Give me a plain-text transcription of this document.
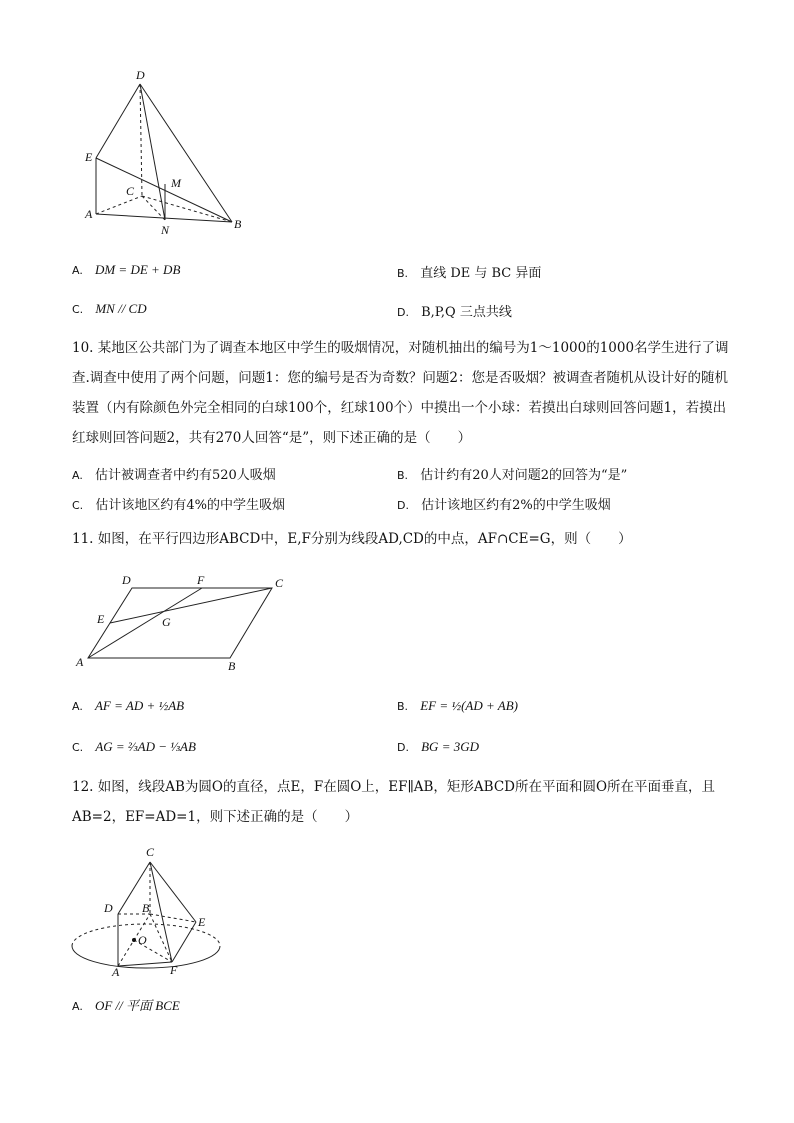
D
E
C
M
A
N	B
A. DM = DE + DB	B. 直线 DE 与 BC 异面
C. MN // CD	D. B,P,Q 三点共线
10. 某地区公共部门为了调查本地区中学生的吸烟情况，对随机抽出的编号为1～1000的1000名学生进行了调查.调查中使用了两个问题，问题1：您的编号是否为奇数？问题2：您是否吸烟？被调查者随机从设计好的随机装置（内有除颜色外完全相同的白球100个，红球100个）中摸出一个小球：若摸出白球则回答问题1，若摸出红球则回答问题2，共有270人回答“是”，则下述正确的是（　　）
A. 估计被调查者中约有520人吸烟	B. 估计约有20人对问题2的回答为“是”
C. 估计该地区约有4%的中学生吸烟	D. 估计该地区约有2%的中学生吸烟
11. 如图，在平行四边形ABCD中，E,F分别为线段AD,CD的中点，AF∩CE=G，则（　　）
D	F	C
E	G
A	B
A. AF = AD + ½AB	B. EF = ½(AD + AB)
C. AG = ⅔AD − ⅓AB	D. BG = 3GD
12. 如图，线段AB为圆O的直径，点E，F在圆O上，EF∥AB，矩形ABCD所在平面和圆O所在平面垂直，且AB=2，EF=AD=1，则下述正确的是（　　）
C
D B
E
O
A	F
A. OF // 平面 BCE
